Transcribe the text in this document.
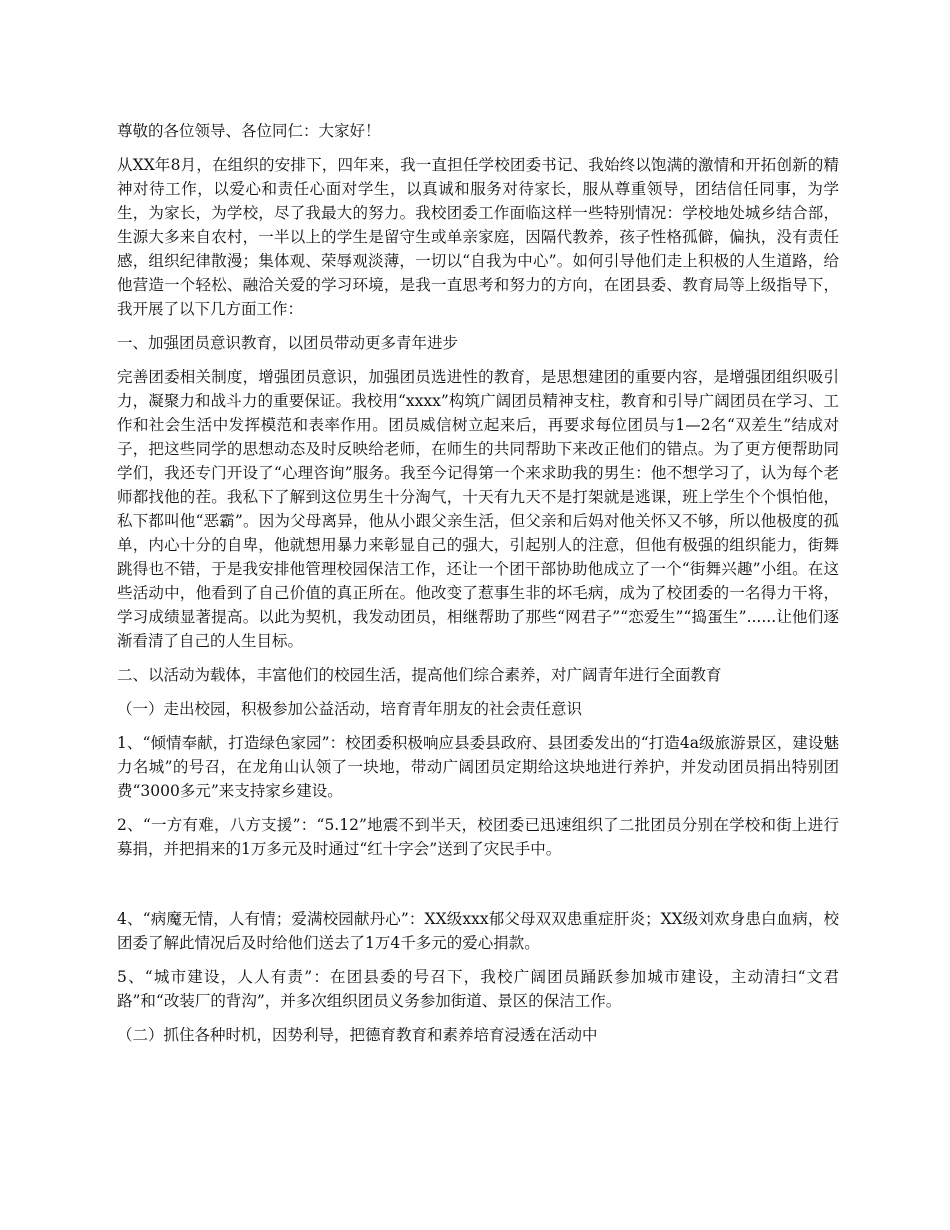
尊敬的各位领导、各位同仁：大家好！

从XX年8月，在组织的安排下，四年来，我一直担任学校团委书记、我始终以饱满的激情和开拓创新的精神对待工作，以爱心和责任心面对学生，以真诚和服务对待家长，服从尊重领导，团结信任同事，为学生，为家长，为学校，尽了我最大的努力。我校团委工作面临这样一些特别情况：学校地处城乡结合部，生源大多来自农村，一半以上的学生是留守生或单亲家庭，因隔代教养，孩子性格孤僻，偏执，没有责任感，组织纪律散漫；集体观、荣辱观淡薄，一切以“自我为中心”。如何引导他们走上积极的人生道路，给他营造一个轻松、融洽关爱的学习环境，是我一直思考和努力的方向，在团县委、教育局等上级指导下，我开展了以下几方面工作：

一、加强团员意识教育，以团员带动更多青年进步

完善团委相关制度，增强团员意识，加强团员选进性的教育，是思想建团的重要内容，是增强团组织吸引力，凝聚力和战斗力的重要保证。我校用“xxxx”构筑广阔团员精神支柱，教育和引导广阔团员在学习、工作和社会生活中发挥模范和表率作用。团员威信树立起来后，再要求每位团员与1—2名“双差生”结成对子，把这些同学的思想动态及时反映给老师，在师生的共同帮助下来改正他们的错点。为了更方便帮助同学们，我还专门开设了“心理咨询”服务。我至今记得第一个来求助我的男生：他不想学习了，认为每个老师都找他的茬。我私下了解到这位男生十分淘气，十天有九天不是打架就是逃课，班上学生个个惧怕他，私下都叫他“恶霸”。因为父母离异，他从小跟父亲生活，但父亲和后妈对他关怀又不够，所以他极度的孤单，内心十分的自卑，他就想用暴力来彰显自己的强大，引起别人的注意，但他有极强的组织能力，街舞跳得也不错，于是我安排他管理校园保洁工作，还让一个团干部协助他成立了一个“街舞兴趣”小组。在这些活动中，他看到了自己价值的真正所在。他改变了惹事生非的坏毛病，成为了校团委的一名得力干将，学习成绩显著提高。以此为契机，我发动团员，相继帮助了那些“网君子”“恋爱生”“捣蛋生”......让他们逐渐看清了自己的人生目标。

二、以活动为载体，丰富他们的校园生活，提高他们综合素养，对广阔青年进行全面教育

（一）走出校园，积极参加公益活动，培育青年朋友的社会责任意识

1、“倾情奉献，打造绿色家园”：校团委积极响应县委县政府、县团委发出的“打造4a级旅游景区，建设魅力名城”的号召，在龙角山认领了一块地，带动广阔团员定期给这块地进行养护，并发动团员捐出特别团费“3000多元”来支持家乡建设。

2、“一方有难，八方支援”：“5.12”地震不到半天，校团委已迅速组织了二批团员分别在学校和街上进行募捐，并把捐来的1万多元及时通过“红十字会”送到了灾民手中。

4、“病魔无情，人有情；爱满校园献丹心”：XX级xxx郁父母双双患重症肝炎；XX级刘欢身患白血病，校团委了解此情况后及时给他们送去了1万4千多元的爱心捐款。

5、“城市建设，人人有责”：在团县委的号召下，我校广阔团员踊跃参加城市建设，主动清扫“文君路”和“改装厂的背沟”，并多次组织团员义务参加街道、景区的保洁工作。

（二）抓住各种时机，因势利导，把德育教育和素养培育浸透在活动中
